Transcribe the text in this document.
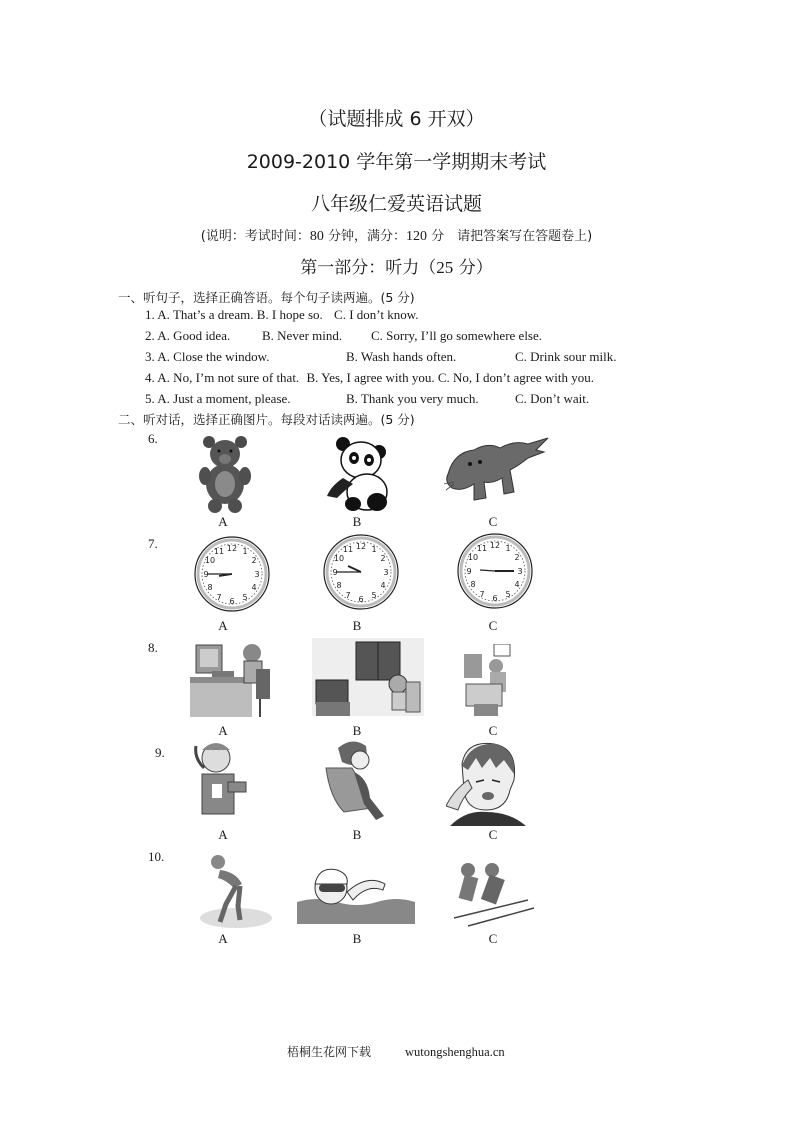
（试题排成 6 开双）
2009-2010 学年第一学期期末考试
八年级仁爱英语试题
(说明：考试时间：80 分钟，满分：120 分　请把答案写在答题卷上)
第一部分：听力（25 分）
一、听句子，选择正确答语。每个句子读两遍。(5 分)
1. A. That’s a dream. B. I hope so. C. I don’t know.
2. A. Good idea. B. Never mind. C. Sorry, I’ll go somewhere else.
3. A. Close the window.	B. Wash hands often.	C. Drink sour milk.
4. A. No, I’m not sure of that. B. Yes, I agree with you. C. No, I don’t agree with you.
5. A. Just a moment, please.	B. Thank you very much.	C. Don’t wait.
二、听对话，选择正确图片。每段对话读两遍。(5 分)
6.
A	B	C
7.	12 1
2
3
4
5
6
7
8
9
10
11
12 1
2
3
4
5
6
7
8
9
10
11	12 1
2
3
4
5
6
7
8
9
10
11
A	B	C
8.
A	B	C
9.
A	B	C
10.
A	B	C
梧桐生花网下载	wutongshenghua.cn
